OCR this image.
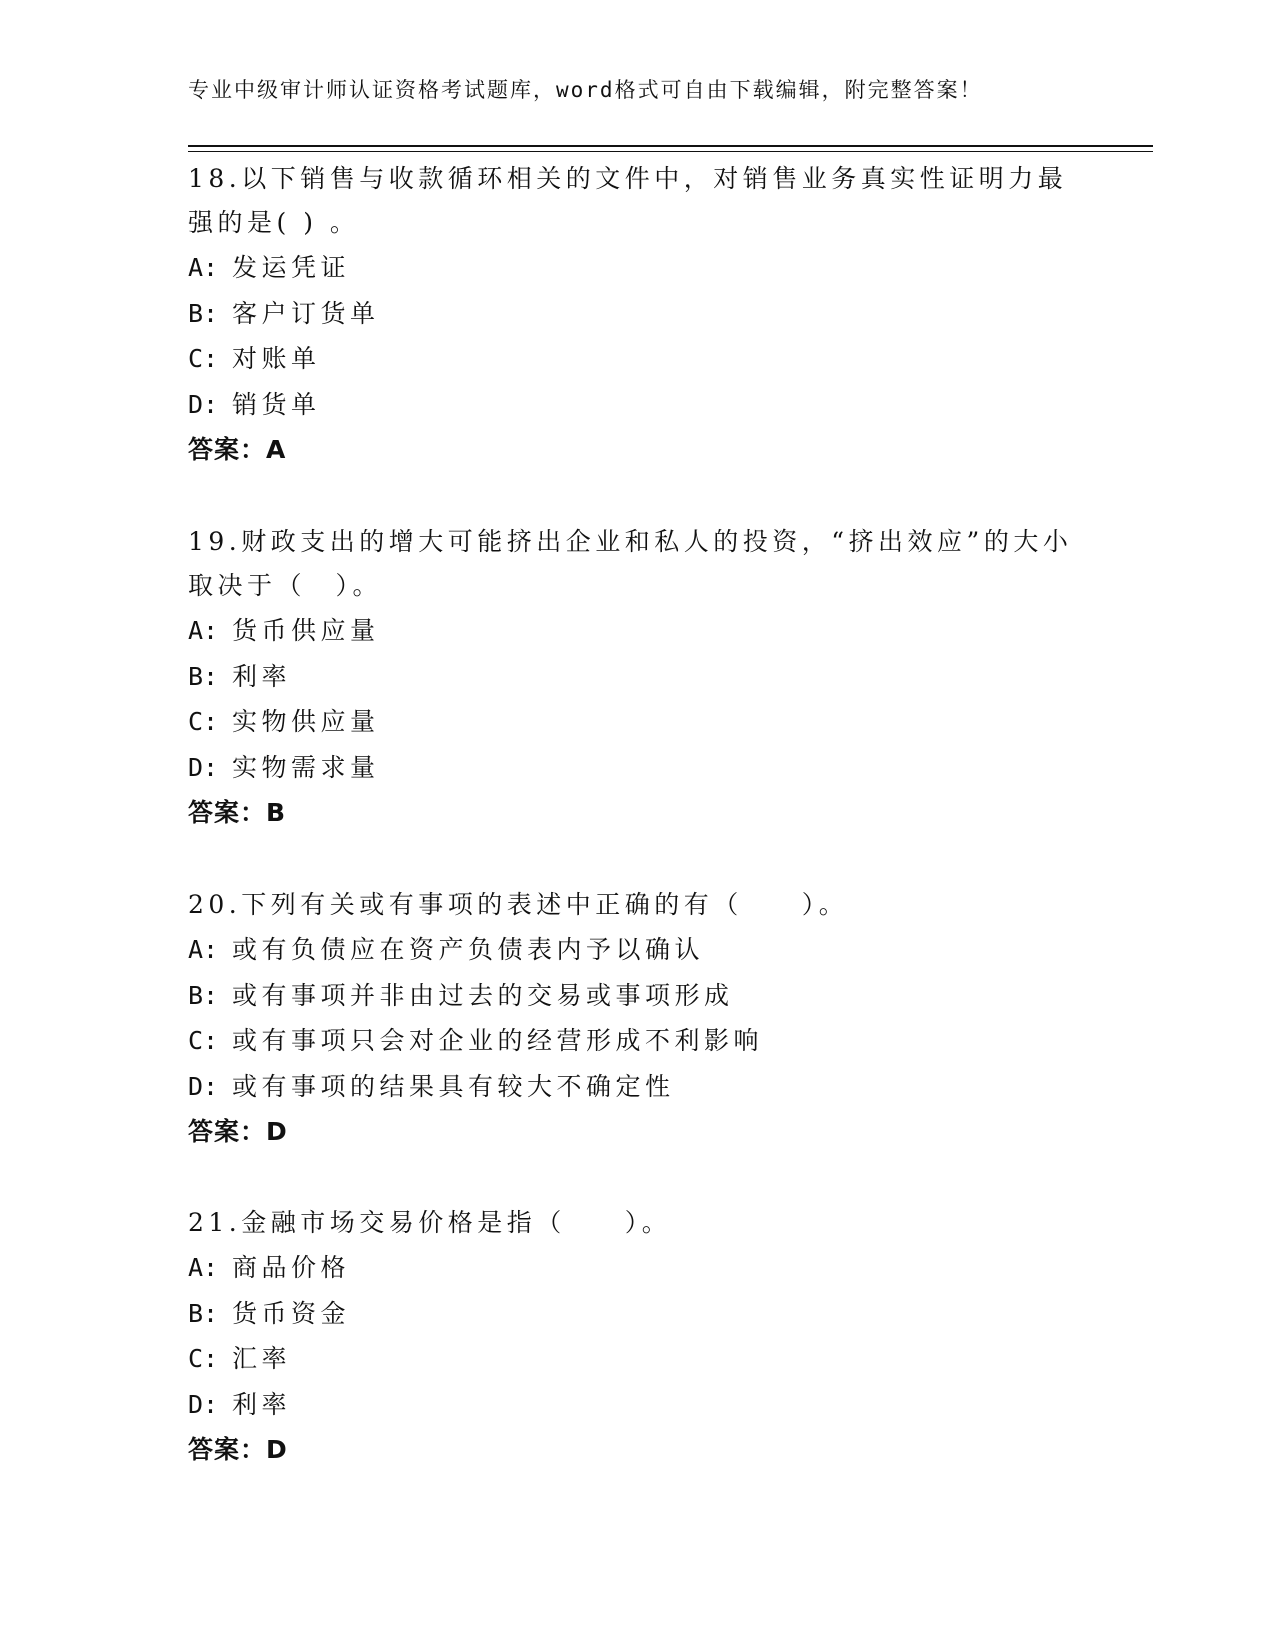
专业中级审计师认证资格考试题库，word格式可自由下载编辑，附完整答案！

18.以下销售与收款循环相关的文件中，对销售业务真实性证明力最强的是( ) 。

A: 发运凭证
B: 客户订货单
C: 对账单
D: 销货单
答案：A

19.财政支出的增大可能挤出企业和私人的投资，“挤出效应”的大小取决于（　）。

A: 货币供应量
B: 利率
C: 实物供应量
D: 实物需求量
答案：B

20.下列有关或有事项的表述中正确的有（　　）。

A: 或有负债应在资产负债表内予以确认
B: 或有事项并非由过去的交易或事项形成
C: 或有事项只会对企业的经营形成不利影响
D: 或有事项的结果具有较大不确定性
答案：D

21.金融市场交易价格是指（　　）。

A: 商品价格
B: 货币资金
C: 汇率
D: 利率
答案：D
